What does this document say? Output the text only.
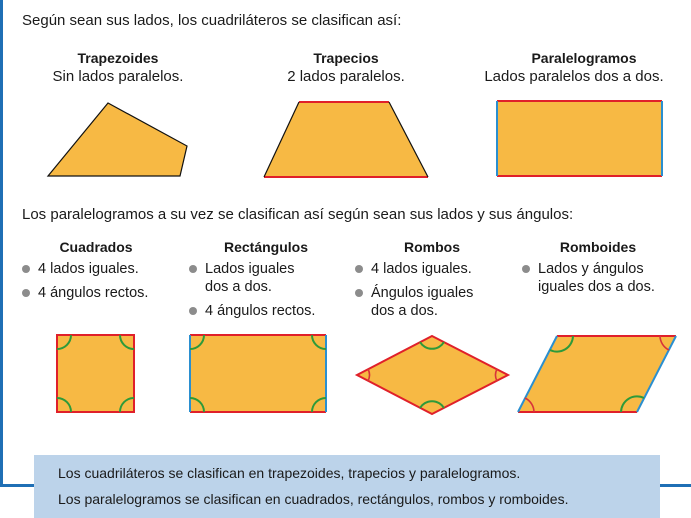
Según sean sus lados, los cuadriláteros se clasifican así:
Trapezoides
Sin lados paralelos.
Trapecios
2 lados paralelos.
Paralelogramos
Lados paralelos dos a dos.
Los paralelogramos a su vez se clasifican así según sean sus lados y sus ángulos:
Cuadrados
4 lados iguales.
4 ángulos rectos.
Rectángulos
Lados iguales
dos a dos.
4 ángulos rectos.
Rombos
4 lados iguales.
Ángulos iguales
dos a dos.
Romboides
Lados y ángulos
iguales dos a dos.
Los cuadriláteros se clasifican en trapezoides, trapecios y paralelogramos.
Los paralelogramos se clasifican en cuadrados, rectángulos, rombos y romboides.
